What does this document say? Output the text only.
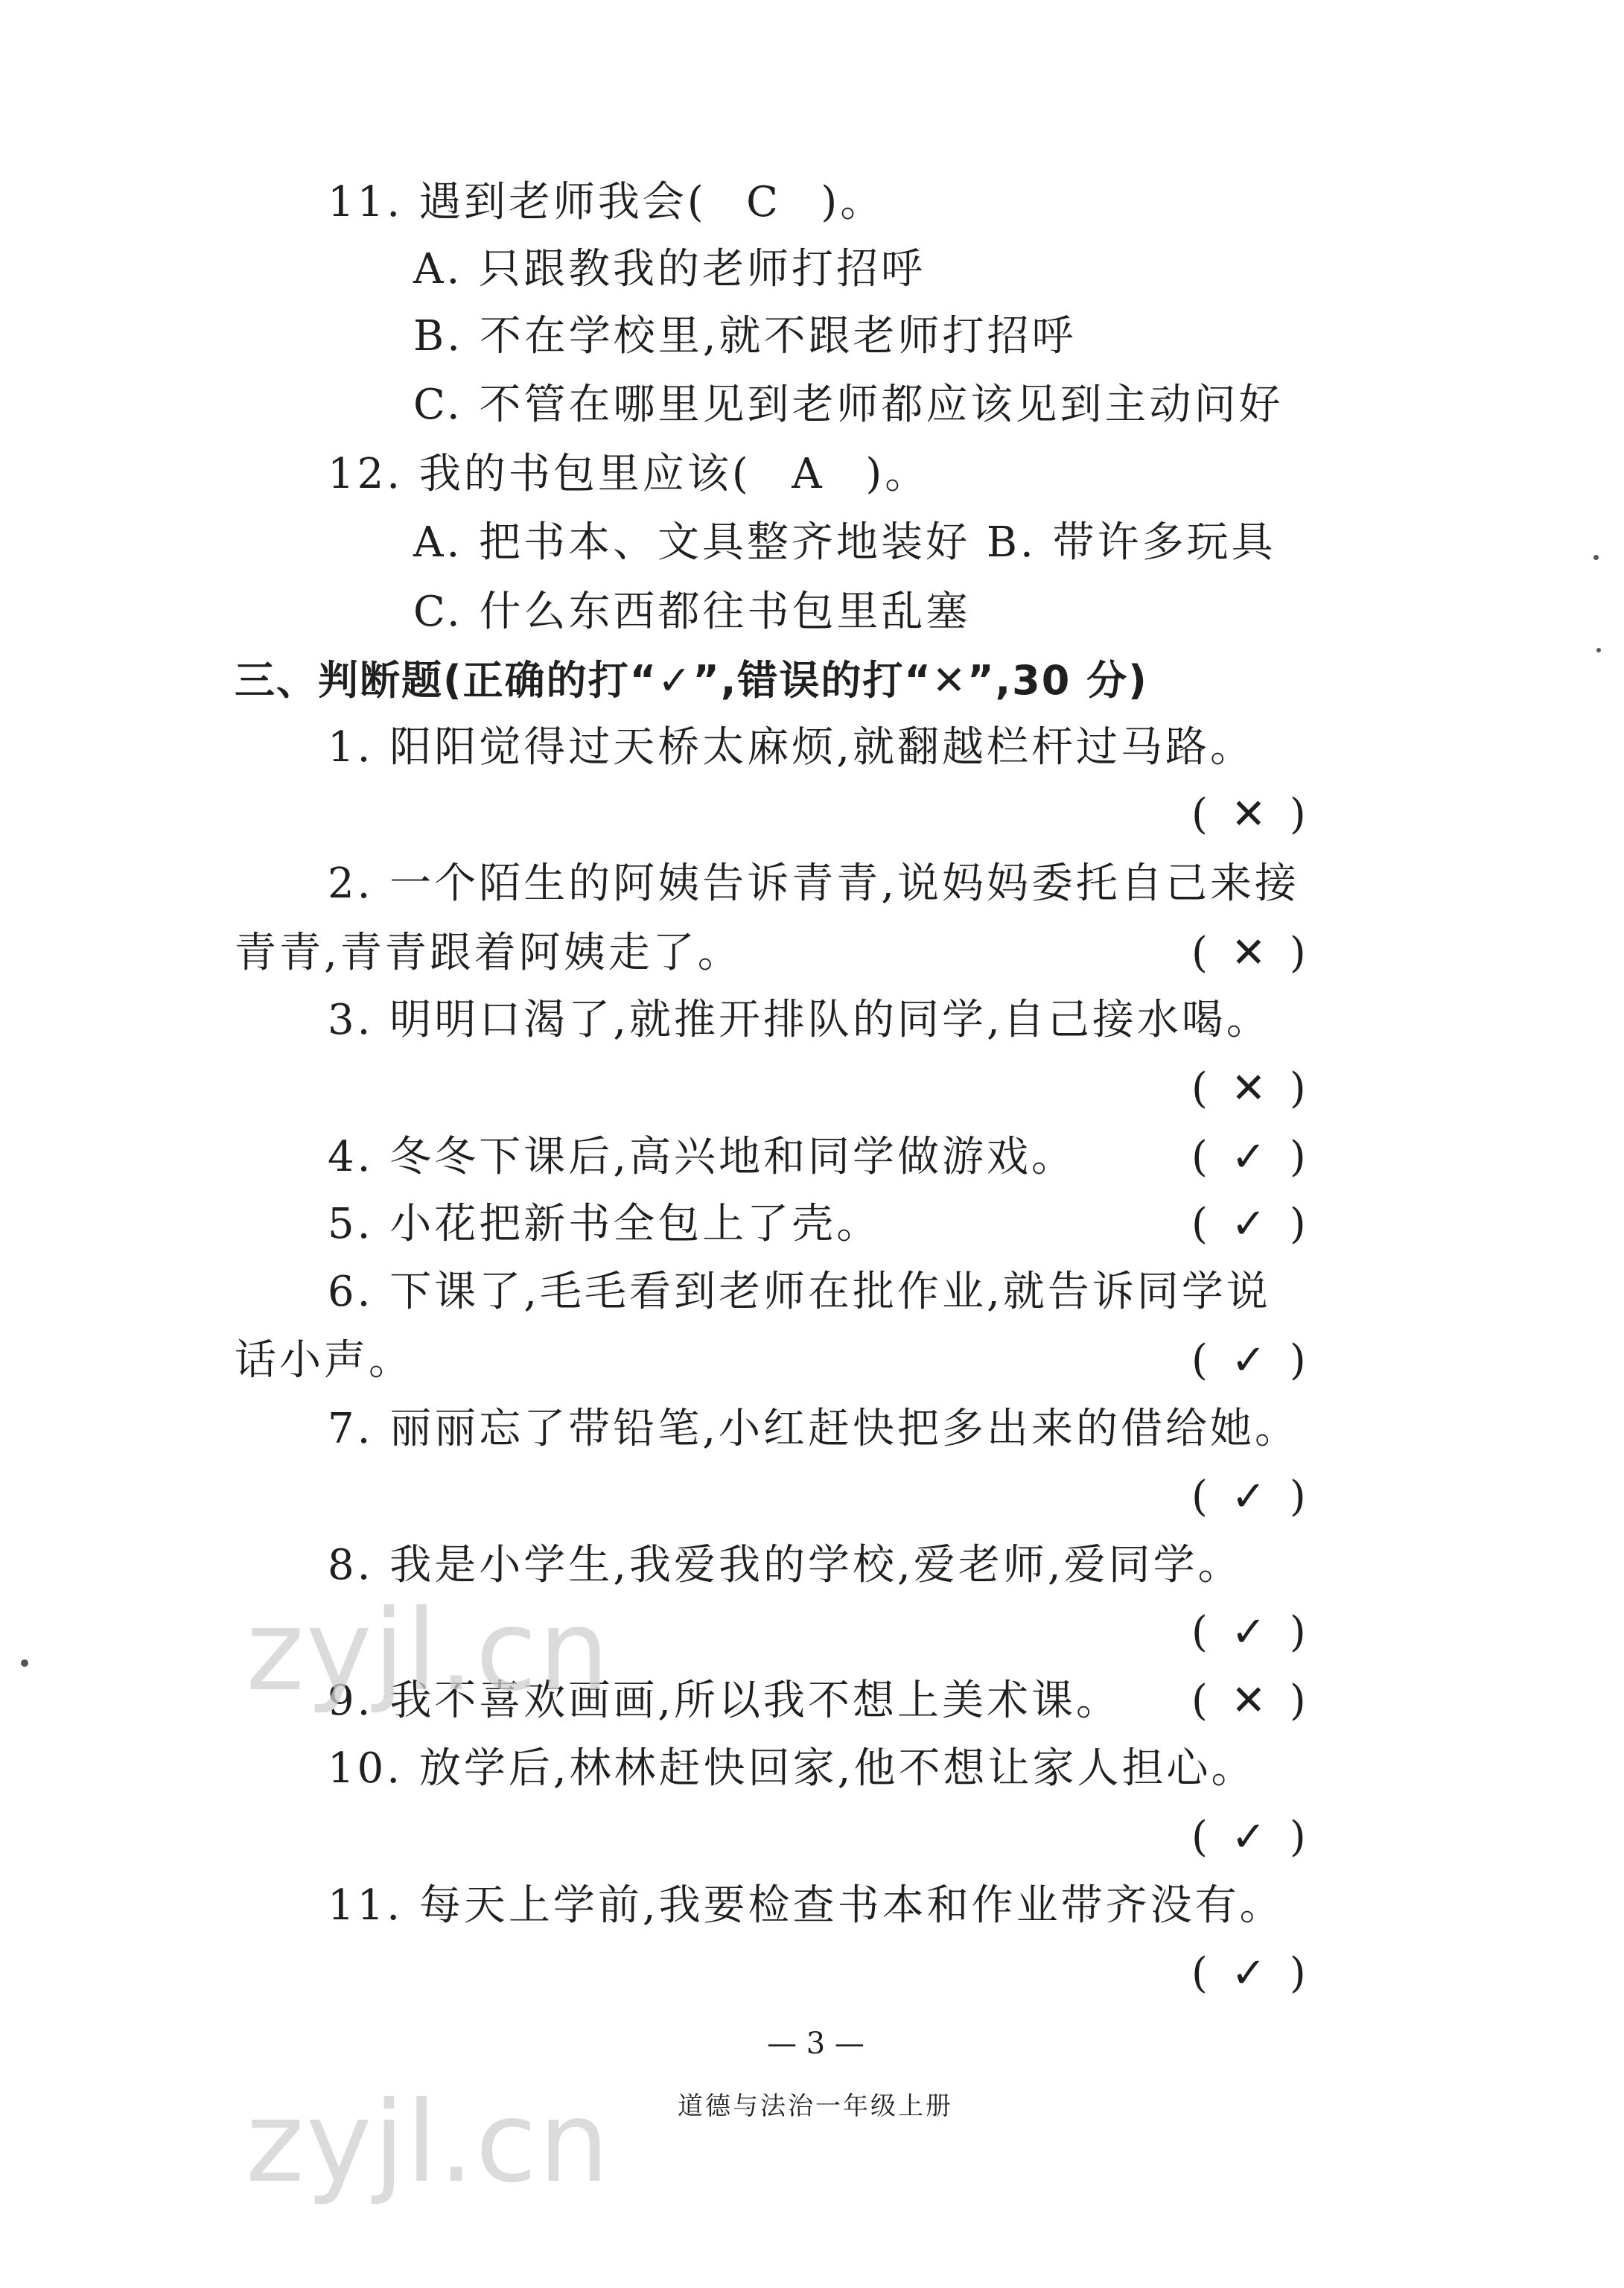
11. 遇到老师我会( C )。
A. 只跟教我的老师打招呼
B. 不在学校里,就不跟老师打招呼
C. 不管在哪里见到老师都应该见到主动问好
12. 我的书包里应该( A )。
A. 把书本、文具整齐地装好 B. 带许多玩具
C. 什么东西都往书包里乱塞
三、判断题(正确的打“✓”,错误的打“✕”,30 分)
1. 阳阳觉得过天桥太麻烦,就翻越栏杆过马路。
( ✕ )
2. 一个陌生的阿姨告诉青青,说妈妈委托自己来接
青青,青青跟着阿姨走了。	( ✕ )
3. 明明口渴了,就推开排队的同学,自己接水喝。
( ✕ )
4. 冬冬下课后,高兴地和同学做游戏。	( ✓ )
5. 小花把新书全包上了壳。	( ✓ )
6. 下课了,毛毛看到老师在批作业,就告诉同学说
话小声。	( ✓ )
7. 丽丽忘了带铅笔,小红赶快把多出来的借给她。
( ✓ )
8. 我是小学生,我爱我的学校,爱老师,爱同学。
( ✓ )
9. 我不喜欢画画,所以我不想上美术课。 ( ✕ )
10. 放学后,林林赶快回家,他不想让家人担心。
( ✓ )
11. 每天上学前,我要检查书本和作业带齐没有。
( ✓ )
zyjl.cn
zyjl.cn
— 3 —
道德与法治一年级上册
